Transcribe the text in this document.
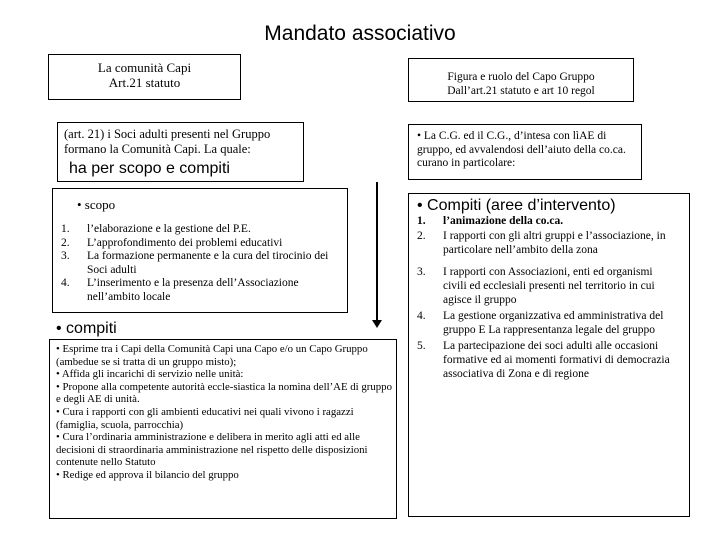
Mandato associativo
La comunità Capi
Art.21 statuto
(art. 21) i Soci adulti presenti nel Gruppo
formano la Comunità Capi. La quale:
ha per scopo e compiti
• scopo
1. l’elaborazione e la gestione del P.E.
2. L’approfondimento dei problemi educativi
3. La formazione permanente e la cura del tirocinio dei Soci adulti
4. L’inserimento e la presenza dell’Associazione nell’ambito locale
• compiti
• Esprime tra i Capi della Comunità Capi una Capo e/o un Capo Gruppo (ambedue se si tratta di un gruppo misto);
• Affida gli incarichi di servizio nelle unità:
• Propone alla competente autorità eccle-siastica la nomina dell’AE di gruppo e degli AE di unità.
• Cura i rapporti con gli ambienti educativi nei quali vivono i ragazzi (famiglia, scuola, parrocchia)
• Cura l’ordinaria amministrazione e delibera in merito agli atti ed alle decisioni di straordinaria amministrazione nel rispetto delle disposizioni contenute nello Statuto
• Redige ed approva il bilancio del gruppo
Figura e ruolo del Capo Gruppo
Dall’art.21 statuto e art 10 regol
• La C.G. ed il C.G., d’intesa con lìAE di gruppo, ed avvalendosi dell’aiuto della co.ca. curano in particolare:
• Compiti (aree d’intervento)
1. l’animazione della co.ca.
2. I rapporti con gli altri gruppi e l’associazione, in particolare nell’ambito della zona
3. I rapporti con Associazioni, enti ed organismi civili ed ecclesiali presenti nel territorio in cui agisce il gruppo
4. La gestione organizzativa ed amministrativa del gruppo E La rappresentanza legale del gruppo
5. La partecipazione dei soci adulti alle occasioni formative ed ai momenti formativi di democrazia associativa di Zona e di regione
